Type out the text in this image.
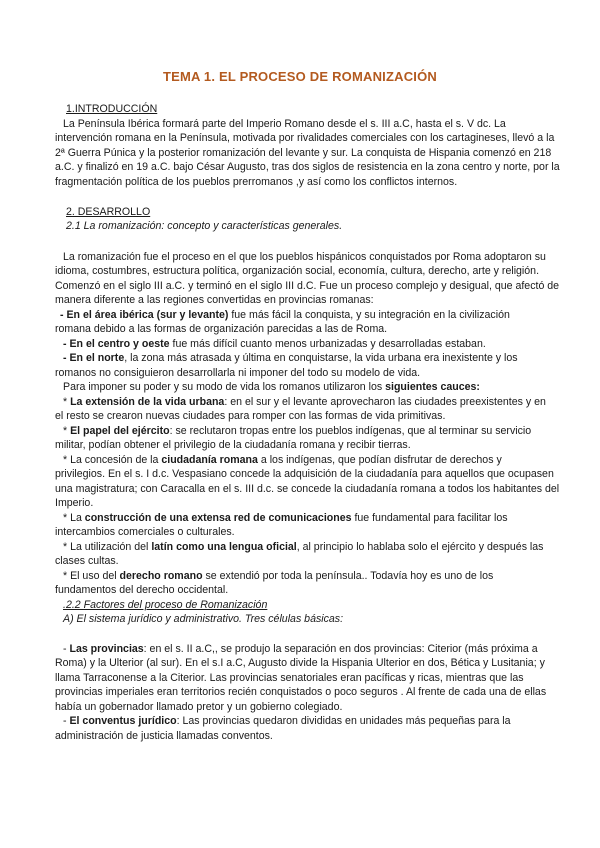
TEMA 1. EL PROCESO DE ROMANIZACIÓN
1.INTRODUCCIÓN
La Península Ibérica formará parte del Imperio Romano desde el s. III a.C, hasta el s. V dc. La
intervención romana en la Península, motivada por rivalidades comerciales con los cartagineses, llevó a la
2ª Guerra Púnica y la posterior romanización del levante y sur. La conquista de Hispania comenzó en 218
a.C. y finalizó en 19 a.C. bajo César Augusto, tras dos siglos de resistencia en la zona centro y norte, por la
fragmentación política de los pueblos prerromanos ,y así como los conflictos internos.
2. DESARROLLO
2.1 La romanización: concepto y características generales.
La romanización fue el proceso en el que los pueblos hispánicos conquistados por Roma adoptaron su
idioma, costumbres, estructura política, organización social, economía, cultura, derecho, arte y religión.
Comenzó en el siglo III a.C. y terminó en el siglo III d.C. Fue un proceso complejo y desigual, que afectó de
manera diferente a las regiones convertidas en provincias romanas:
- En el área ibérica (sur y levante) fue más fácil la conquista, y su integración en la civilización
romana debido a las formas de organización parecidas a las de Roma.
- En el centro y oeste fue más difícil cuanto menos urbanizadas y desarrolladas estaban.
- En el norte, la zona más atrasada y última en conquistarse, la vida urbana era inexistente y los
romanos no consiguieron desarrollarla ni imponer del todo su modelo de vida.
Para imponer su poder y su modo de vida los romanos utilizaron los siguientes cauces:
* La extensión de la vida urbana: en el sur y el levante aprovecharon las ciudades preexistentes y en
el resto se crearon nuevas ciudades para romper con las formas de vida primitivas.
* El papel del ejército: se reclutaron tropas entre los pueblos indígenas, que al terminar su servicio
militar, podían obtener el privilegio de la ciudadanía romana y recibir tierras.
* La concesión de la ciudadanía romana a los indígenas, que podían disfrutar de derechos y
privilegios. En el s. I d.c. Vespasiano concede la adquisición de la ciudadanía para aquellos que ocupasen
una magistratura; con Caracalla en el s. III d.c. se concede la ciudadanía romana a todos los habitantes del
Imperio.
* La construcción de una extensa red de comunicaciones fue fundamental para facilitar los
intercambios comerciales o culturales.
* La utilización del latín como una lengua oficial, al principio lo hablaba solo el ejército y después las
clases cultas.
* El uso del derecho romano se extendió por toda la península.. Todavía hoy es uno de los
fundamentos del derecho occidental.
.2.2 Factores del proceso de Romanización
A) El sistema jurídico y administrativo. Tres células básicas:
- Las provincias: en el s. II a.C,, se produjo la separación en dos provincias: Citerior (más próxima a
Roma) y la Ulterior (al sur). En el s.I a.C, Augusto divide la Hispania Ulterior en dos, Bética y Lusitania; y
llama Tarraconense a la Citerior. Las provincias senatoriales eran pacíficas y ricas, mientras que las
provincias imperiales eran territorios recién conquistados o poco seguros . Al frente de cada una de ellas
había un gobernador llamado pretor y un gobierno colegiado.
- El conventus jurídico: Las provincias quedaron divididas en unidades más pequeñas para la
administración de justicia llamadas conventos.
